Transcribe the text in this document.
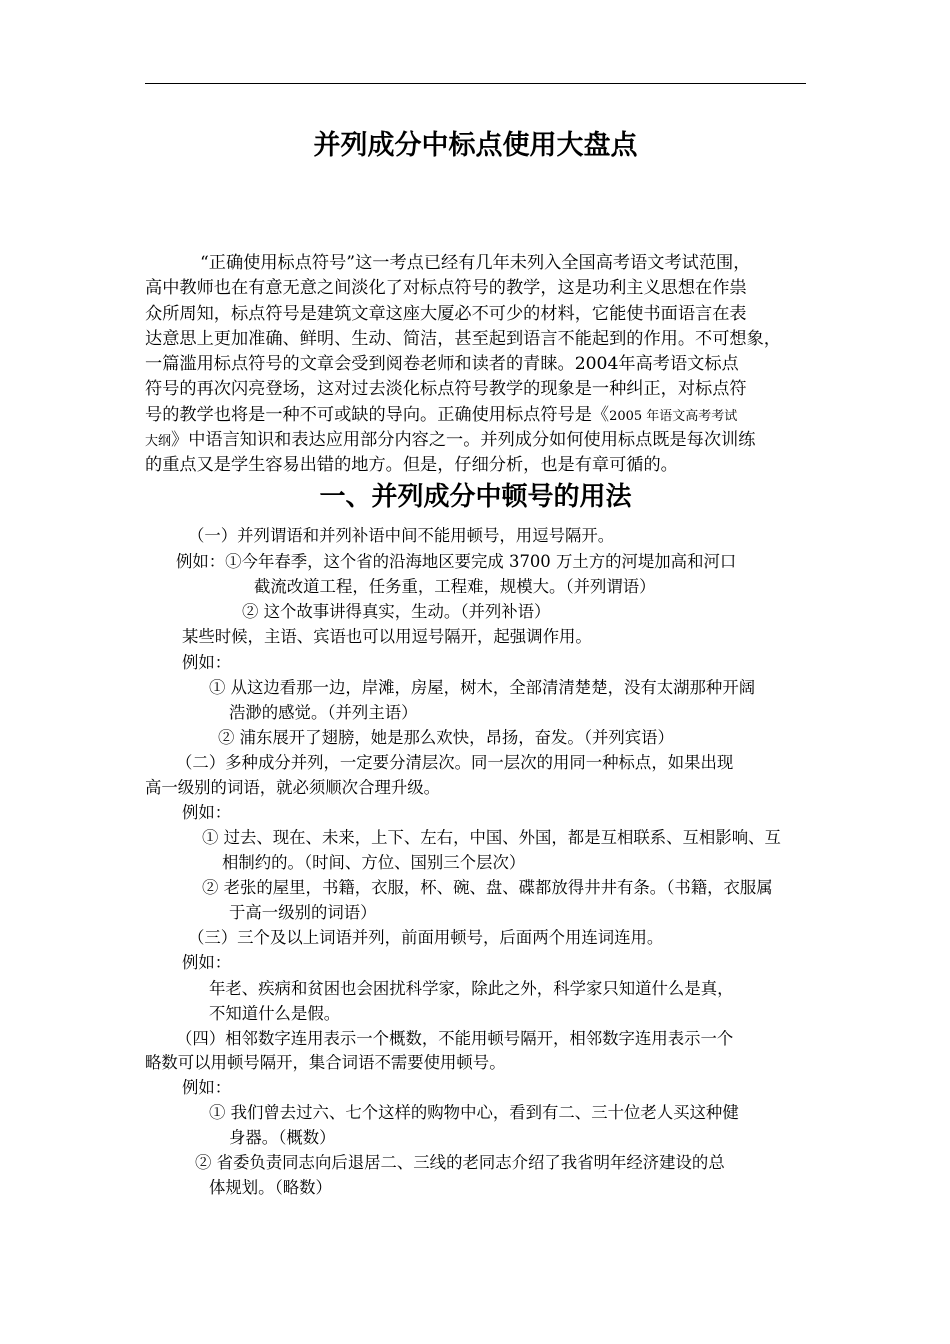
并列成分中标点使用大盘点
“正确使用标点符号”这一考点已经有几年未列入全国高考语文考试范围，
高中教师也在有意无意之间淡化了对标点符号的教学，这是功利主义思想在作祟
众所周知，标点符号是建筑文章这座大厦必不可少的材料，它能使书面语言在表
达意思上更加准确、鲜明、生动、简洁，甚至起到语言不能起到的作用。不可想象，
一篇滥用标点符号的文章会受到阅卷老师和读者的青睐。2004年高考语文标点
符号的再次闪亮登场，这对过去淡化标点符号教学的现象是一种纠正，对标点符
号的教学也将是一种不可或缺的导向。正确使用标点符号是《2005 年语文高考考试
大纲》中语言知识和表达应用部分内容之一。并列成分如何使用标点既是每次训练
的重点又是学生容易出错的地方。但是，仔细分析，也是有章可循的。
一、并列成分中顿号的用法
（一）并列谓语和并列补语中间不能用顿号，用逗号隔开。
例如：①今年春季，这个省的沿海地区要完成 3700 万土方的河堤加高和河口
截流改道工程，任务重，工程难，规模大。（并列谓语）
② 这个故事讲得真实，生动。（并列补语）
某些时候，主语、宾语也可以用逗号隔开，起强调作用。
例如：
① 从这边看那一边，岸滩，房屋，树木，全部清清楚楚，没有太湖那种开阔
浩渺的感觉。（并列主语）
② 浦东展开了翅膀，她是那么欢快，昂扬，奋发。（并列宾语）
（二）多种成分并列，一定要分清层次。同一层次的用同一种标点，如果出现
高一级别的词语，就必须顺次合理升级。
例如：
① 过去、现在、未来，上下、左右，中国、外国，都是互相联系、互相影响、互
相制约的。（时间、方位、国别三个层次）
② 老张的屋里，书籍，衣服，杯、碗、盘、碟都放得井井有条。（书籍，衣服属
于高一级别的词语）
（三）三个及以上词语并列，前面用顿号，后面两个用连词连用。
例如：
年老、疾病和贫困也会困扰科学家，除此之外，科学家只知道什么是真，
不知道什么是假。
（四）相邻数字连用表示一个概数，不能用顿号隔开，相邻数字连用表示一个
略数可以用顿号隔开，集合词语不需要使用顿号。
例如：
① 我们曾去过六、七个这样的购物中心，看到有二、三十位老人买这种健
身器。（概数）
② 省委负责同志向后退居二、三线的老同志介绍了我省明年经济建设的总
体规划。（略数）
